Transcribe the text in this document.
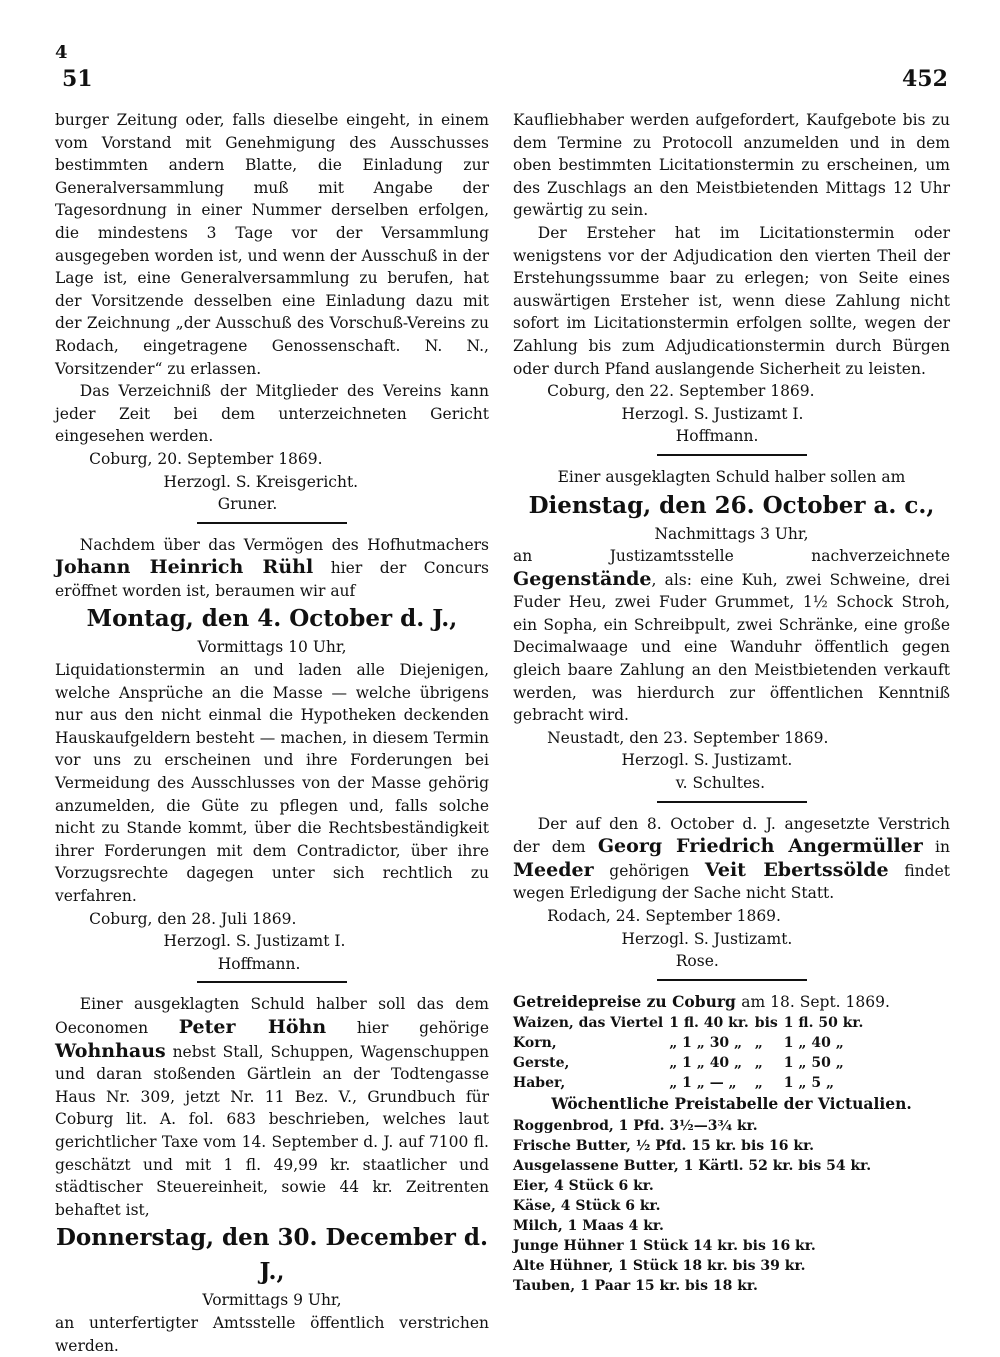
4
51	452

burger Zeitung oder, falls dieselbe eingeht, in einem vom Vorstand mit Genehmigung des Ausschusses bestimmten andern Blatte, die Einladung zur Generalversammlung muß mit Angabe der Tagesordnung in einer Nummer derselben erfolgen, die mindestens 3 Tage vor der Versammlung ausgegeben worden ist, und wenn der Ausschuß in der Lage ist, eine Generalversammlung zu berufen, hat der Vorsitzende desselben eine Einladung dazu mit der Zeichnung „der Ausschuß des Vorschuß-Vereins zu Rodach, eingetragene Genossenschaft. N. N., Vorsitzender“ zu erlassen.

Das Verzeichniß der Mitglieder des Vereins kann jeder Zeit bei dem unterzeichneten Gericht eingesehen werden.

Coburg, 20. September 1869.
Herzogl. S. Kreisgericht.
Gruner.

Nachdem über das Vermögen des Hofhutmachers Johann Heinrich Rühl hier der Concurs eröffnet worden ist, beraumen wir auf

Montag, den 4. October d. J.,
Vormittags 10 Uhr,

Liquidationstermin an und laden alle Diejenigen, welche Ansprüche an die Masse — welche übrigens nur aus den nicht einmal die Hypotheken deckenden Hauskaufgeldern besteht — machen, in diesem Termin vor uns zu erscheinen und ihre Forderungen bei Vermeidung des Ausschlusses von der Masse gehörig anzumelden, die Güte zu pflegen und, falls solche nicht zu Stande kommt, über die Rechtsbeständigkeit ihrer Forderungen mit dem Contradictor, über ihre Vorzugsrechte dagegen unter sich rechtlich zu verfahren.

Coburg, den 28. Juli 1869.
Herzogl. S. Justizamt I.
Hoffmann.

Einer ausgeklagten Schuld halber soll das dem Oeconomen Peter Höhn hier gehörige Wohnhaus nebst Stall, Schuppen, Wagenschuppen und daran stoßenden Gärtlein an der Todtengasse Haus Nr. 309, jetzt Nr. 11 Bez. V., Grundbuch für Coburg lit. A. fol. 683 beschrieben, welches laut gerichtlicher Taxe vom 14. September d. J. auf 7100 fl. geschätzt und mit 1 fl. 49,99 kr. staatlicher und städtischer Steuereinheit, sowie 44 kr. Zeitrenten behaftet ist,

Donnerstag, den 30. December d. J.,
Vormittags 9 Uhr,

an unterfertigter Amtsstelle öffentlich verstrichen werden.

Kaufliebhaber werden aufgefordert, Kaufgebote bis zu dem Termine zu Protocoll anzumelden und in dem oben bestimmten Licitationstermin zu erscheinen, um des Zuschlags an den Meistbietenden Mittags 12 Uhr gewärtig zu sein.

Der Ersteher hat im Licitationstermin oder wenigstens vor der Adjudication den vierten Theil der Erstehungssumme baar zu erlegen; von Seite eines auswärtigen Ersteher ist, wenn diese Zahlung nicht sofort im Licitationstermin erfolgen sollte, wegen der Zahlung bis zum Adjudicationstermin durch Bürgen oder durch Pfand auslangende Sicherheit zu leisten.

Coburg, den 22. September 1869.
Herzogl. S. Justizamt I.
Hoffmann.
Einer ausgeklagten Schuld halber sollen am
Dienstag, den 26. October a. c.,
Nachmittags 3 Uhr,

an Justizamtsstelle nachverzeichnete Gegenstände, als: eine Kuh, zwei Schweine, drei Fuder Heu, zwei Fuder Grummet, 1½ Schock Stroh, ein Sopha, ein Schreibpult, zwei Schränke, eine große Decimalwaage und eine Wanduhr öffentlich gegen gleich baare Zahlung an den Meistbietenden verkauft werden, was hierdurch zur öffentlichen Kenntniß gebracht wird.

Neustadt, den 23. September 1869.
Herzogl. S. Justizamt.
v. Schultes.

Der auf den 8. October d. J. angesetzte Verstrich der dem Georg Friedrich Angermüller in Meeder gehörigen Veit Ebertssölde findet wegen Erledigung der Sache nicht Statt.

Rodach, 24. September 1869.
Herzogl. S. Justizamt.
Rose.
Getreidepreise zu Coburg am 18. Sept. 1869.
Waizen, das Viertel	1 fl. 40 kr.	bis	1 fl. 50 kr.
Korn,	„ 1 „ 30 „	„	1 „ 40 „
Gerste,	„ 1 „ 40 „	„	1 „ 50 „
Haber,	„ 1 „ — „	„	1 „ 5 „
Wöchentliche Preistabelle der Victualien.
Roggenbrod, 1 Pfd. 3½—3¾ kr.
Frische Butter, ½ Pfd. 15 kr. bis 16 kr.
Ausgelassene Butter, 1 Kärtl. 52 kr. bis 54 kr.
Eier, 4 Stück 6 kr.
Käse, 4 Stück 6 kr.
Milch, 1 Maas 4 kr.
Junge Hühner 1 Stück 14 kr. bis 16 kr.
Alte Hühner, 1 Stück 18 kr. bis 39 kr.
Tauben, 1 Paar 15 kr. bis 18 kr.
